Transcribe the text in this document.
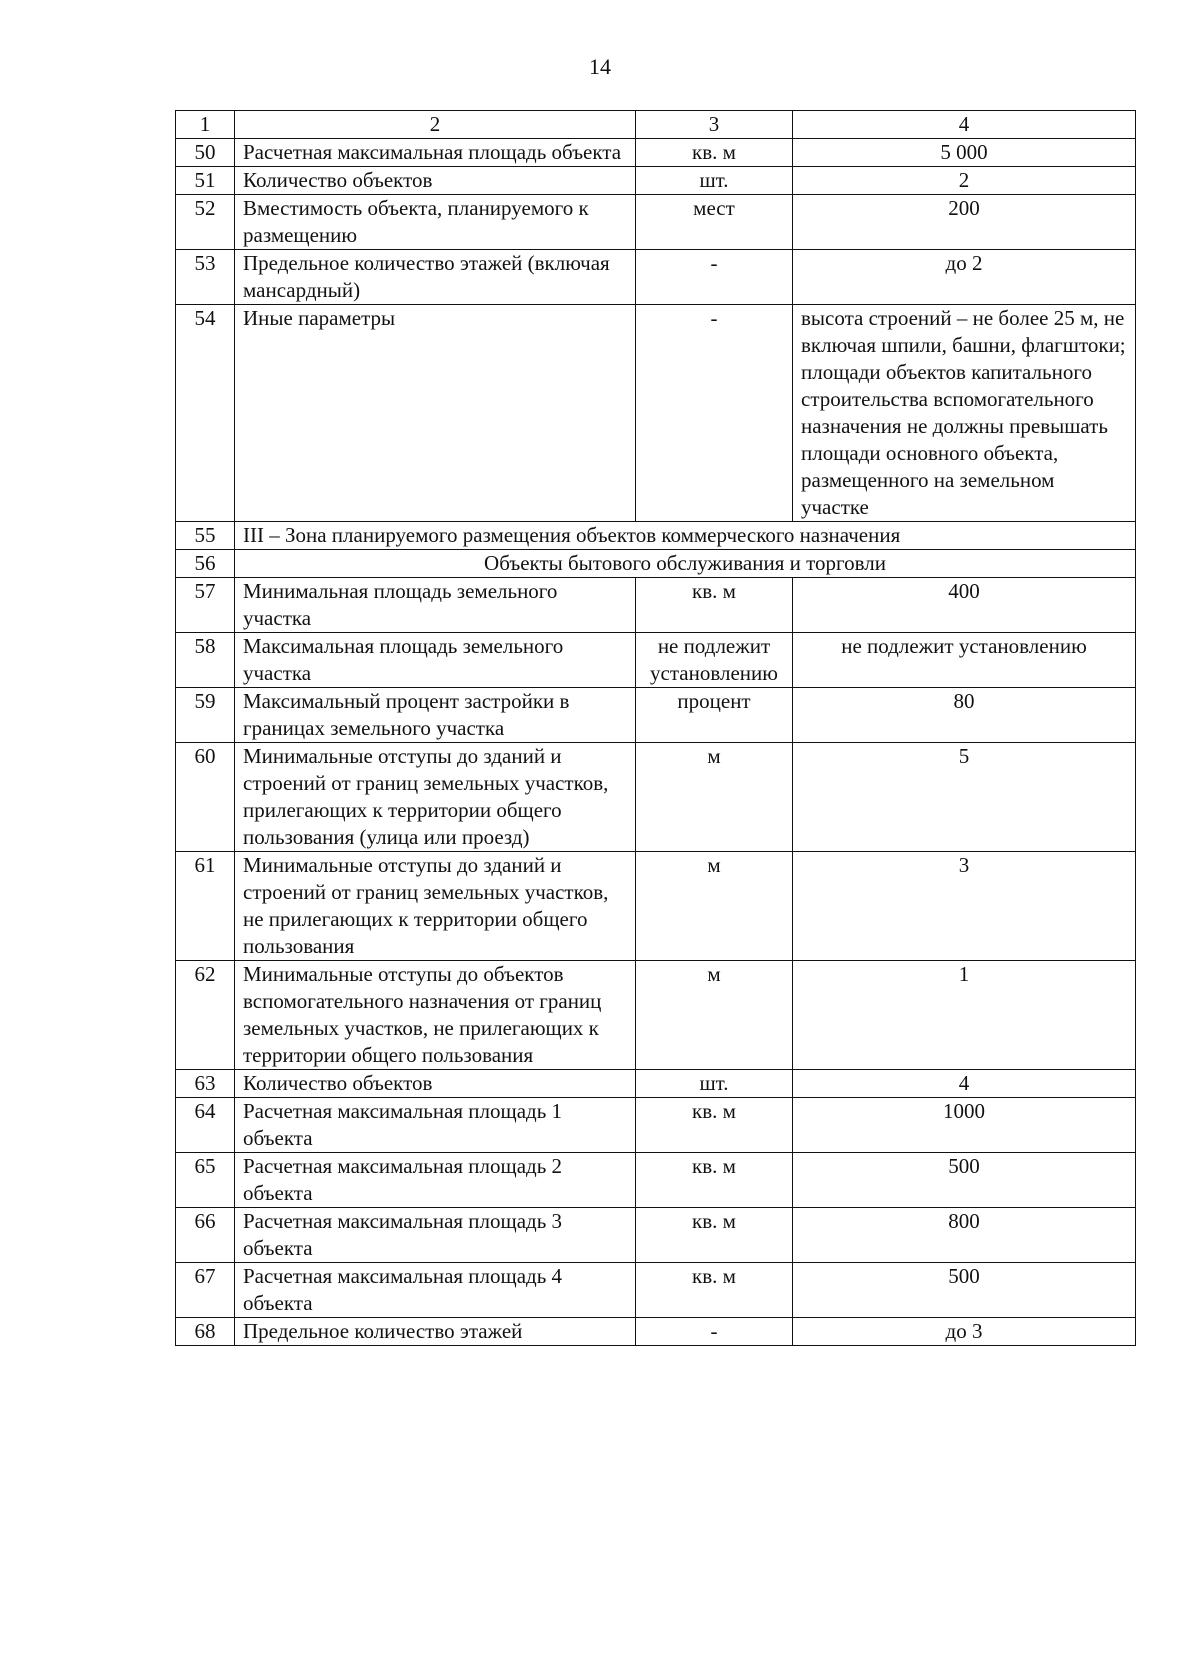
14
1	2	3	4
50	Расчетная максимальная площадь объекта	кв. м	5 000
51	Количество объектов	шт.	2
52	Вместимость объекта, планируемого к размещению	мест	200
53	Предельное количество этажей (включая мансардный)	-	до 2
54	Иные параметры	-	высота строений – не более 25 м, не включая шпили, башни, флагштоки; площади объектов капитального строительства вспомогательного назначения не должны превышать площади основного объекта, размещенного на земельном участке
55	III – Зона планируемого размещения объектов коммерческого назначения		
56	Объекты бытового обслуживания и торговли		
57	Минимальная площадь земельного участка	кв. м	400
58	Максимальная площадь земельного участка	не подлежит установлению	не подлежит установлению
59	Максимальный процент застройки в границах земельного участка	процент	80
60	Минимальные отступы до зданий и строений от границ земельных участков, прилегающих к территории общего пользования (улица или проезд)	м	5
61	Минимальные отступы до зданий и строений от границ земельных участков, не прилегающих к территории общего пользования	м	3
62	Минимальные отступы до объектов вспомогательного назначения от границ земельных участков, не прилегающих к территории общего пользования	м	1
63	Количество объектов	шт.	4
64	Расчетная максимальная площадь 1 объекта	кв. м	1000
65	Расчетная максимальная площадь 2 объекта	кв. м	500
66	Расчетная максимальная площадь 3 объекта	кв. м	800
67	Расчетная максимальная площадь 4 объекта	кв. м	500
68	Предельное количество этажей	-	до 3
